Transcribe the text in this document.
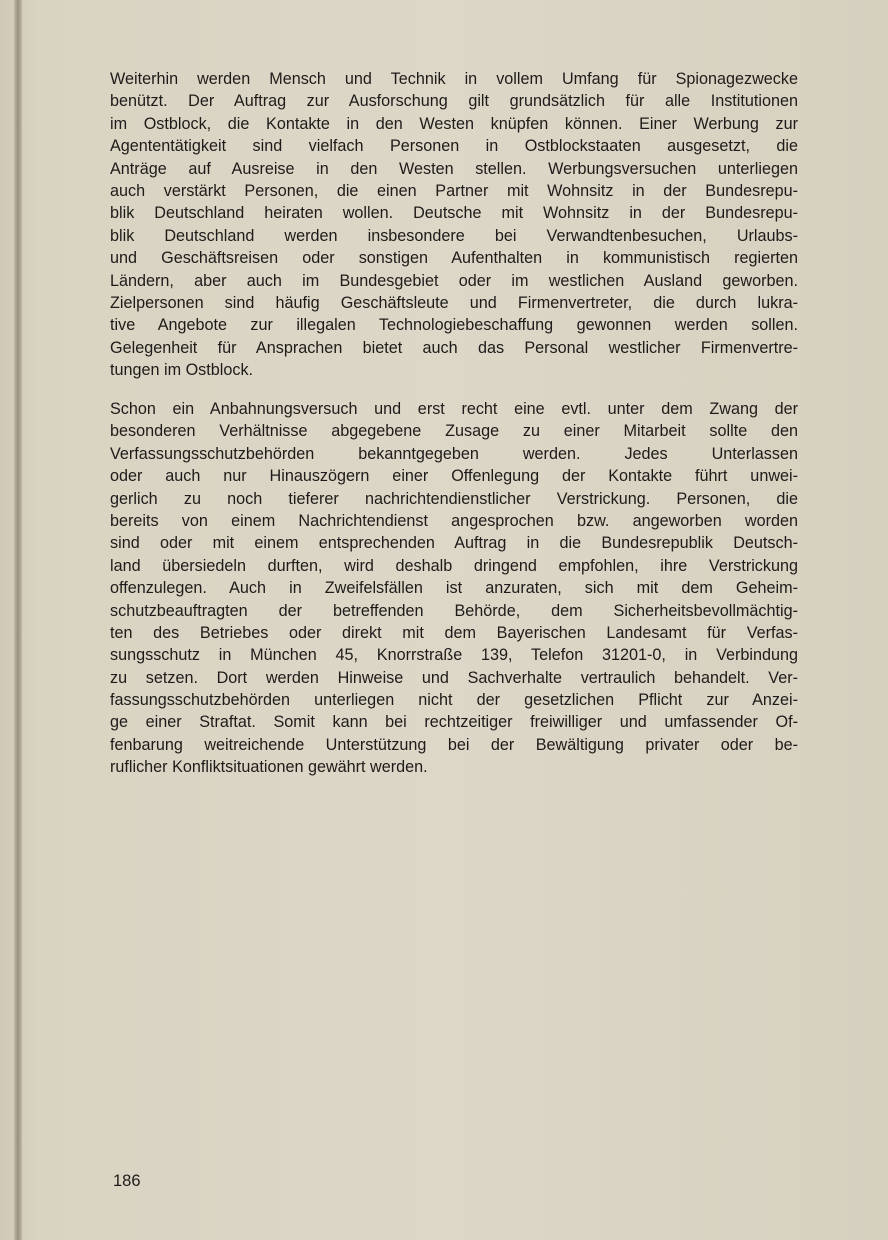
Weiterhin werden Mensch und Technik in vollem Umfang für Spionagezwecke
benützt. Der Auftrag zur Ausforschung gilt grundsätzlich für alle Institutionen
im Ostblock, die Kontakte in den Westen knüpfen können. Einer Werbung zur
Agententätigkeit sind vielfach Personen in Ostblockstaaten ausgesetzt, die
Anträge auf Ausreise in den Westen stellen. Werbungsversuchen unterliegen
auch verstärkt Personen, die einen Partner mit Wohnsitz in der Bundesrepu-
blik Deutschland heiraten wollen. Deutsche mit Wohnsitz in der Bundesrepu-
blik Deutschland werden insbesondere bei Verwandtenbesuchen, Urlaubs-
und Geschäftsreisen oder sonstigen Aufenthalten in kommunistisch regierten
Ländern, aber auch im Bundesgebiet oder im westlichen Ausland geworben.
Zielpersonen sind häufig Geschäftsleute und Firmenvertreter, die durch lukra-
tive Angebote zur illegalen Technologiebeschaffung gewonnen werden sollen.
Gelegenheit für Ansprachen bietet auch das Personal westlicher Firmenvertre-
tungen im Ostblock.
Schon ein Anbahnungsversuch und erst recht eine evtl. unter dem Zwang der
besonderen Verhältnisse abgegebene Zusage zu einer Mitarbeit sollte den
Verfassungsschutzbehörden bekanntgegeben werden. Jedes Unterlassen
oder auch nur Hinauszögern einer Offenlegung der Kontakte führt unwei-
gerlich zu noch tieferer nachrichtendienstlicher Verstrickung. Personen, die
bereits von einem Nachrichtendienst angesprochen bzw. angeworben worden
sind oder mit einem entsprechenden Auftrag in die Bundesrepublik Deutsch-
land übersiedeln durften, wird deshalb dringend empfohlen, ihre Verstrickung
offenzulegen. Auch in Zweifelsfällen ist anzuraten, sich mit dem Geheim-
schutzbeauftragten der betreffenden Behörde, dem Sicherheitsbevollmächtig-
ten des Betriebes oder direkt mit dem Bayerischen Landesamt für Verfas-
sungsschutz in München 45, Knorrstraße 139, Telefon 31201-0, in Verbindung
zu setzen. Dort werden Hinweise und Sachverhalte vertraulich behandelt. Ver-
fassungsschutzbehörden unterliegen nicht der gesetzlichen Pflicht zur Anzei-
ge einer Straftat. Somit kann bei rechtzeitiger freiwilliger und umfassender Of-
fenbarung weitreichende Unterstützung bei der Bewältigung privater oder be-
ruflicher Konfliktsituationen gewährt werden.
186
